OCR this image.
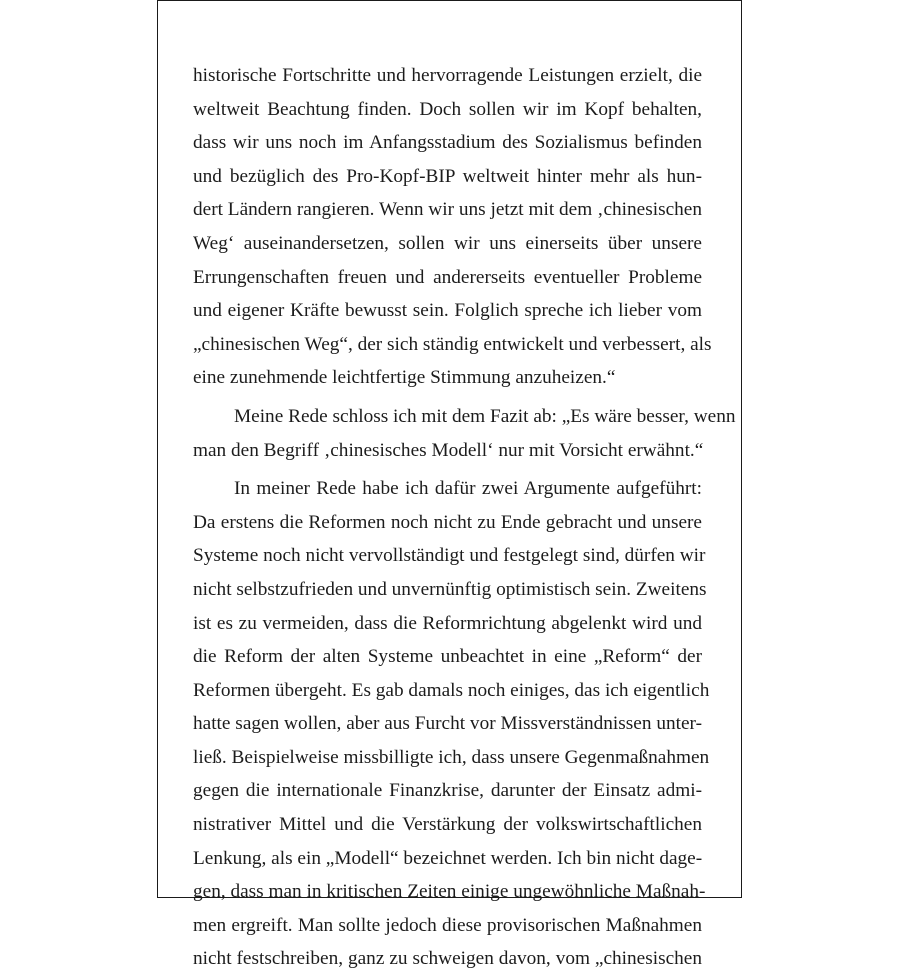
historische Fortschritte und hervorragende Leistungen erzielt, die
weltweit Beachtung finden. Doch sollen wir im Kopf behalten,
dass wir uns noch im Anfangsstadium des Sozialismus befinden
und bezüglich des Pro-Kopf-BIP weltweit hinter mehr als hun-
dert Ländern rangieren. Wenn wir uns jetzt mit dem ‚chinesischen
Weg‘ auseinandersetzen, sollen wir uns einerseits über unsere
Errungenschaften freuen und andererseits eventueller Probleme
und eigener Kräfte bewusst sein. Folglich spreche ich lieber vom
„chinesischen Weg“, der sich ständig entwickelt und verbessert, als
eine zunehmende leichtfertige Stimmung anzuheizen.“
Meine Rede schloss ich mit dem Fazit ab: „Es wäre besser, wenn
man den Begriff ‚chinesisches Modell‘ nur mit Vorsicht erwähnt.“
In meiner Rede habe ich dafür zwei Argumente aufgeführt:
Da erstens die Reformen noch nicht zu Ende gebracht und unsere
Systeme noch nicht vervollständigt und festgelegt sind, dürfen wir
nicht selbstzufrieden und unvernünftig optimistisch sein. Zweitens
ist es zu vermeiden, dass die Reformrichtung abgelenkt wird und
die Reform der alten Systeme unbeachtet in eine „Reform“ der
Reformen übergeht. Es gab damals noch einiges, das ich eigentlich
hatte sagen wollen, aber aus Furcht vor Missverständnissen unter-
ließ. Beispielweise missbilligte ich, dass unsere Gegenmaßnahmen
gegen die internationale Finanzkrise, darunter der Einsatz admi-
nistrativer Mittel und die Verstärkung der volkswirtschaftlichen
Lenkung, als ein „Modell“ bezeichnet werden. Ich bin nicht dage-
gen, dass man in kritischen Zeiten einige ungewöhnliche Maßnah-
men ergreift. Man sollte jedoch diese provisorischen Maßnahmen
nicht festschreiben, ganz zu schweigen davon, vom „chinesischen
